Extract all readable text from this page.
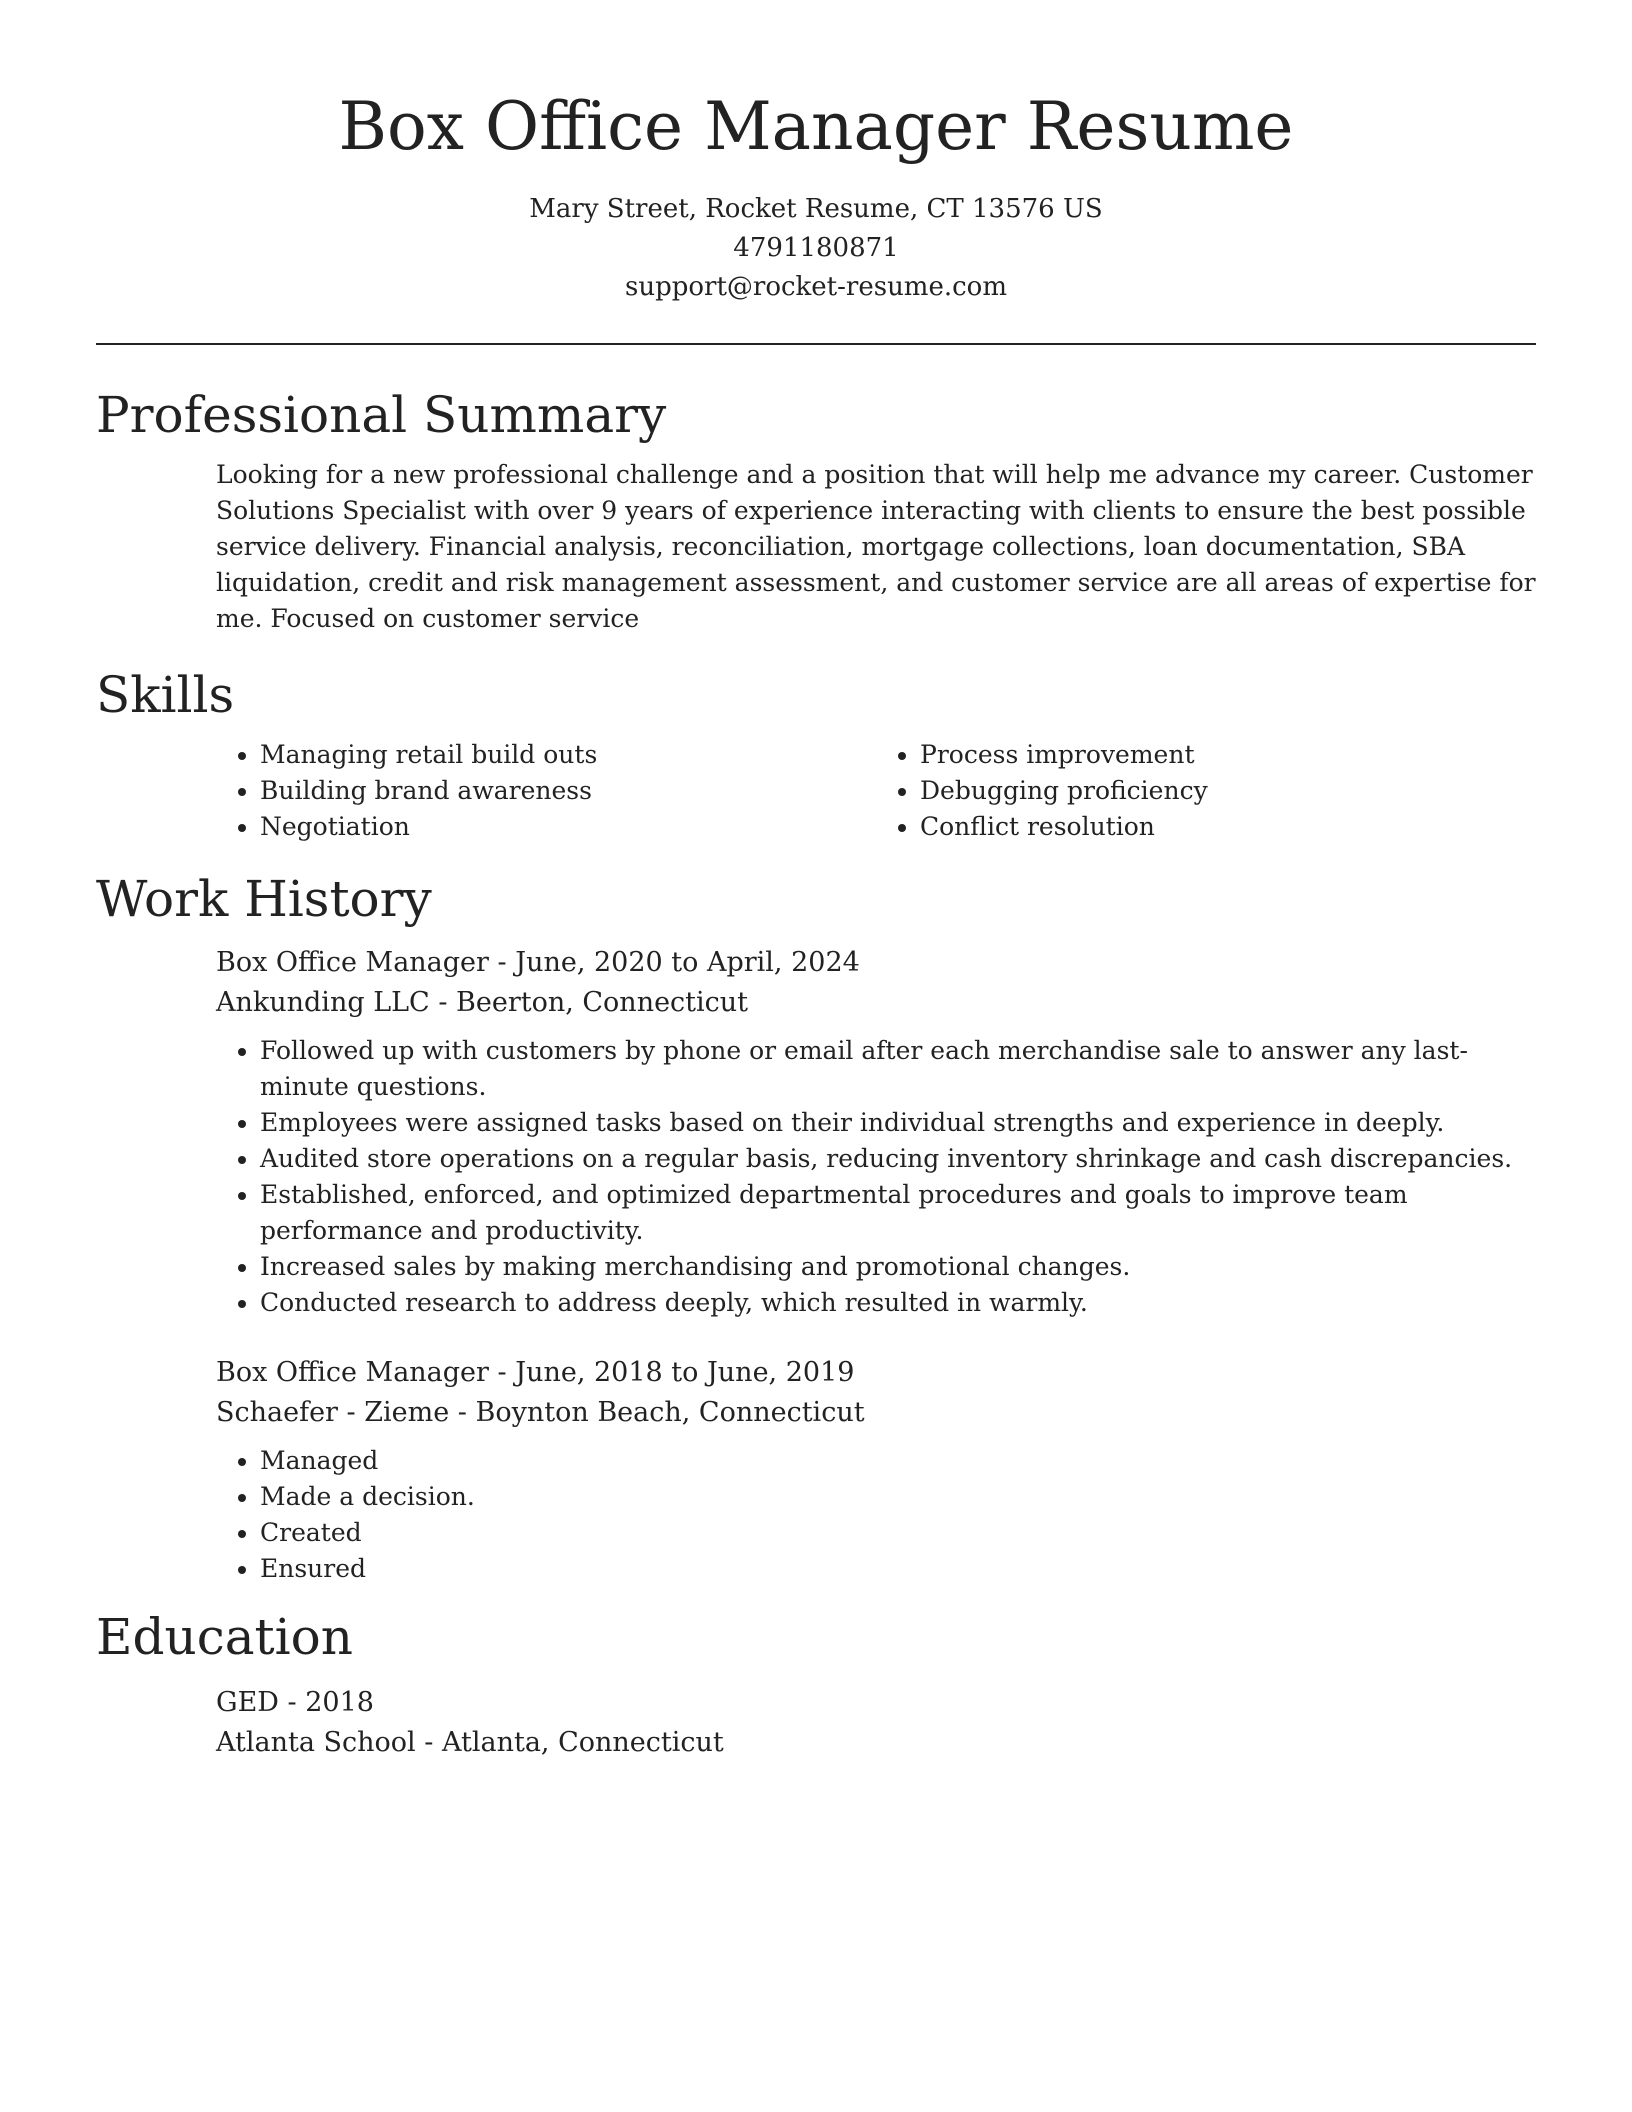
Box Office Manager Resume
Mary Street, Rocket Resume, CT 13576 US
4791180871
support@rocket-resume.com
Professional Summary

Looking for a new professional challenge and a position that will help me advance my career. Customer Solutions Specialist with over 9 years of experience interacting with clients to ensure the best possible service delivery. Financial analysis, reconciliation, mortgage collections, loan documentation, SBA liquidation, credit and risk management assessment, and customer service are all areas of expertise for me. Focused on customer service

Skills
• Managing retail build outs
• Building brand awareness
• Negotiation
• Process improvement
• Debugging proficiency
• Conflict resolution
Work History
Box Office Manager - June, 2020 to April, 2024
Ankunding LLC - Beerton, Connecticut
• Followed up with customers by phone or email after each merchandise sale to answer any last-minute questions.
• Employees were assigned tasks based on their individual strengths and experience in deeply.
• Audited store operations on a regular basis, reducing inventory shrinkage and cash discrepancies.
• Established, enforced, and optimized departmental procedures and goals to improve team performance and productivity.
• Increased sales by making merchandising and promotional changes.
• Conducted research to address deeply, which resulted in warmly.
Box Office Manager - June, 2018 to June, 2019
Schaefer - Zieme - Boynton Beach, Connecticut
• Managed
• Made a decision.
• Created
• Ensured
Education
GED - 2018
Atlanta School - Atlanta, Connecticut
